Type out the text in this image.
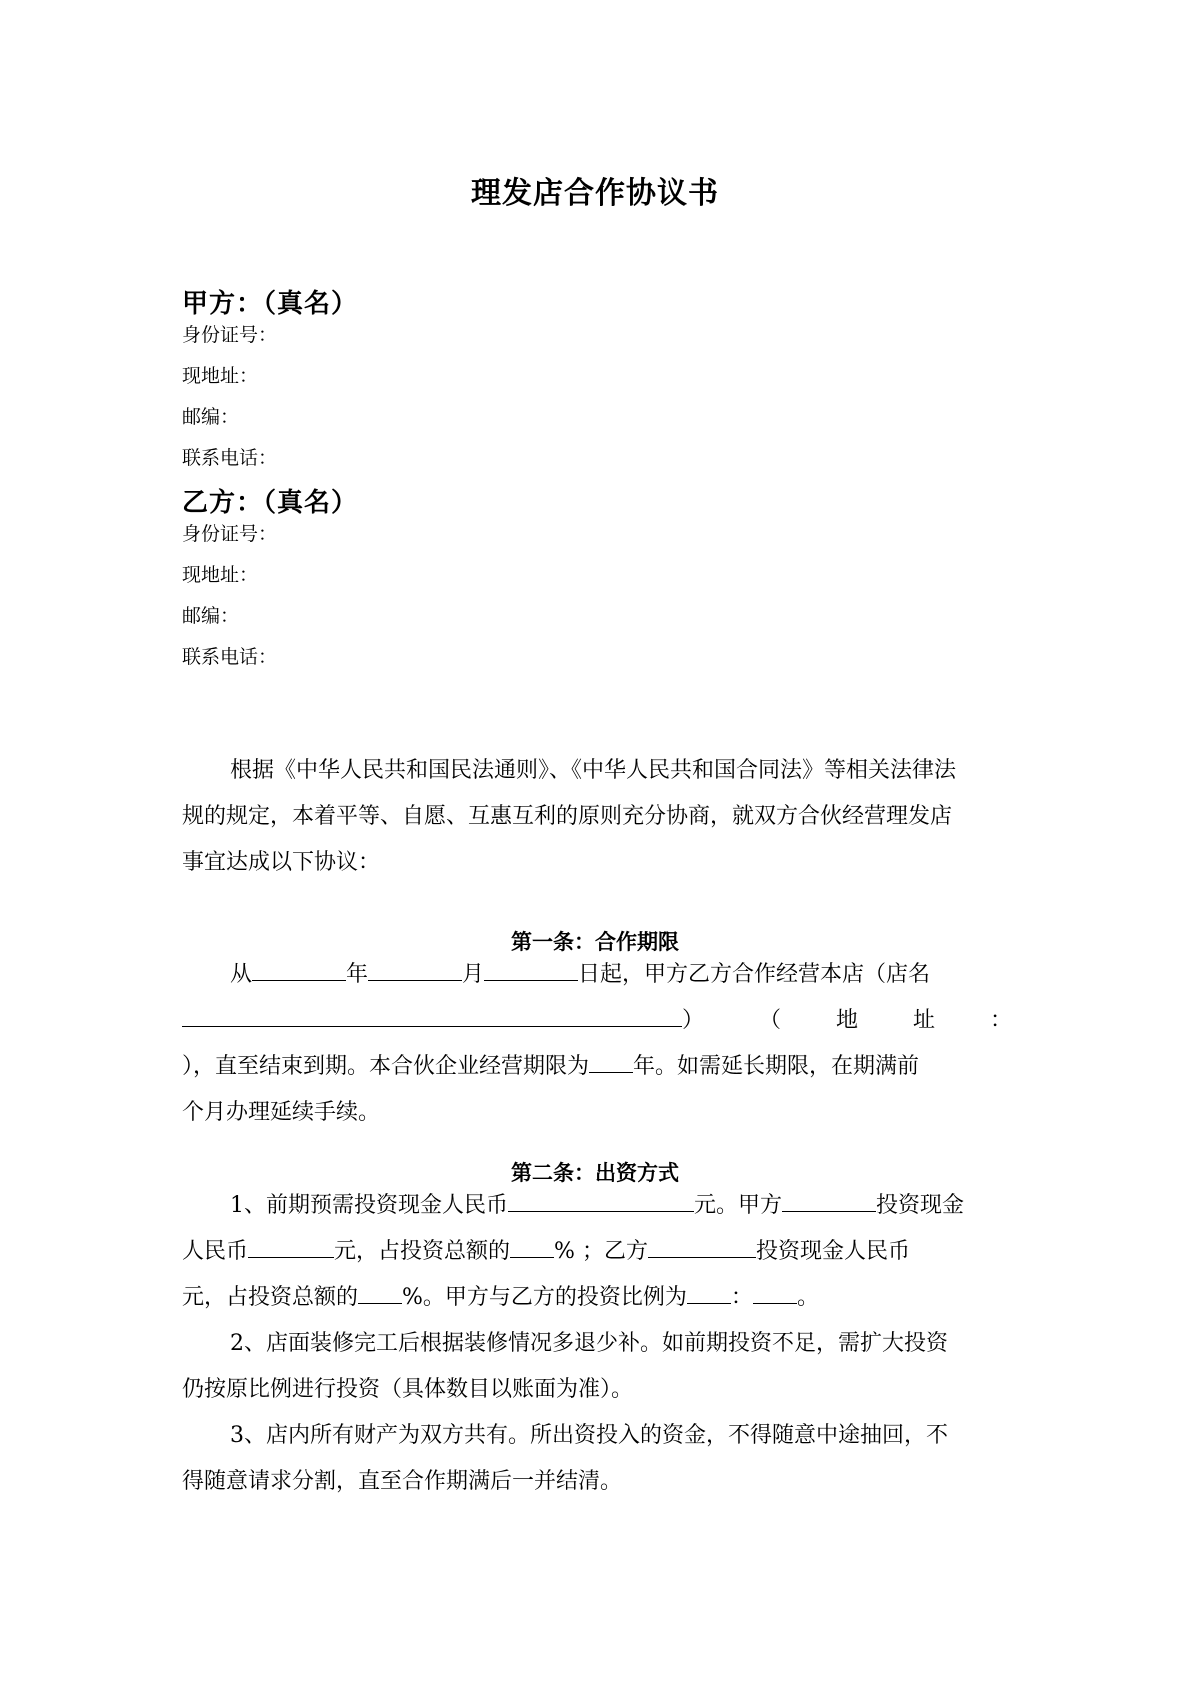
理发店合作协议书
甲方：（真名）
身份证号：
现地址：
邮编：
联系电话：
乙方：（真名）
身份证号：
现地址：
邮编：
联系电话：
根据《中华人民共和国民法通则》、《中华人民共和国合同法》等相关法律法
规的规定，本着平等、自愿、互惠互利的原则充分协商，就双方合伙经营理发店
事宜达成以下协议：
第一条：合作期限
从	年	月	日起，甲方乙方合作经营本店（店名
） （ 地 址 ：
），直至结束到期。本合伙企业经营期限为 年。如需延长期限，在期满前
个月办理延续手续。
第二条：出资方式
1、前期预需投资现金人民币	元。甲方	投资现金
人民币	元，占投资总额的 % ；乙方	投资现金人民币
元，占投资总额的 %。甲方与乙方的投资比例为 ： 。
2、店面装修完工后根据装修情况多退少补。如前期投资不足，需扩大投资
仍按原比例进行投资（具体数目以账面为准）。
3、店内所有财产为双方共有。所出资投入的资金，不得随意中途抽回，不
得随意请求分割，直至合作期满后一并结清。
